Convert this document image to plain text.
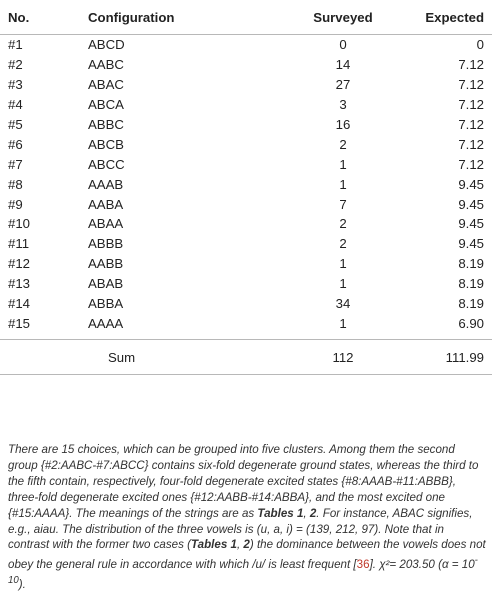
No.	Configuration	Surveyed	Expected
#1	ABCD	0	0
#2	AABC	14	7.12
#3	ABAC	27	7.12
#4	ABCA	3	7.12
#5	ABBC	16	7.12
#6	ABCB	2	7.12
#7	ABCC	1	7.12
#8	AAAB	1	9.45
#9	AABA	7	9.45
#10	ABAA	2	9.45
#11	ABBB	2	9.45
#12	AABB	1	8.19
#13	ABAB	1	8.19
#14	ABBA	34	8.19
#15	AAAA	1	6.90

	Sum	112	111.99

There are 15 choices, which can be grouped into five clusters. Among them the second group {#2:AABC-#7:ABCC} contains six-fold degenerate ground states, whereas the third to the fifth contain, respectively, four-fold degenerate excited states {#8:AAAB-#11:ABBB}, three-fold degenerate excited ones {#12:AABB-#14:ABBA}, and the most excited one {#15:AAAA}. The meanings of the strings are as Tables 1, 2. For instance, ABAC signifies, e.g., aiau. The distribution of the three vowels is (u, a, i) = (139, 212, 97). Note that in contrast with the former two cases (Tables 1, 2) the dominance between the vowels does not obey the general rule in accordance with which /u/ is least frequent [36]. χ²= 203.50 $(\alpha = 10^{-10})$.
